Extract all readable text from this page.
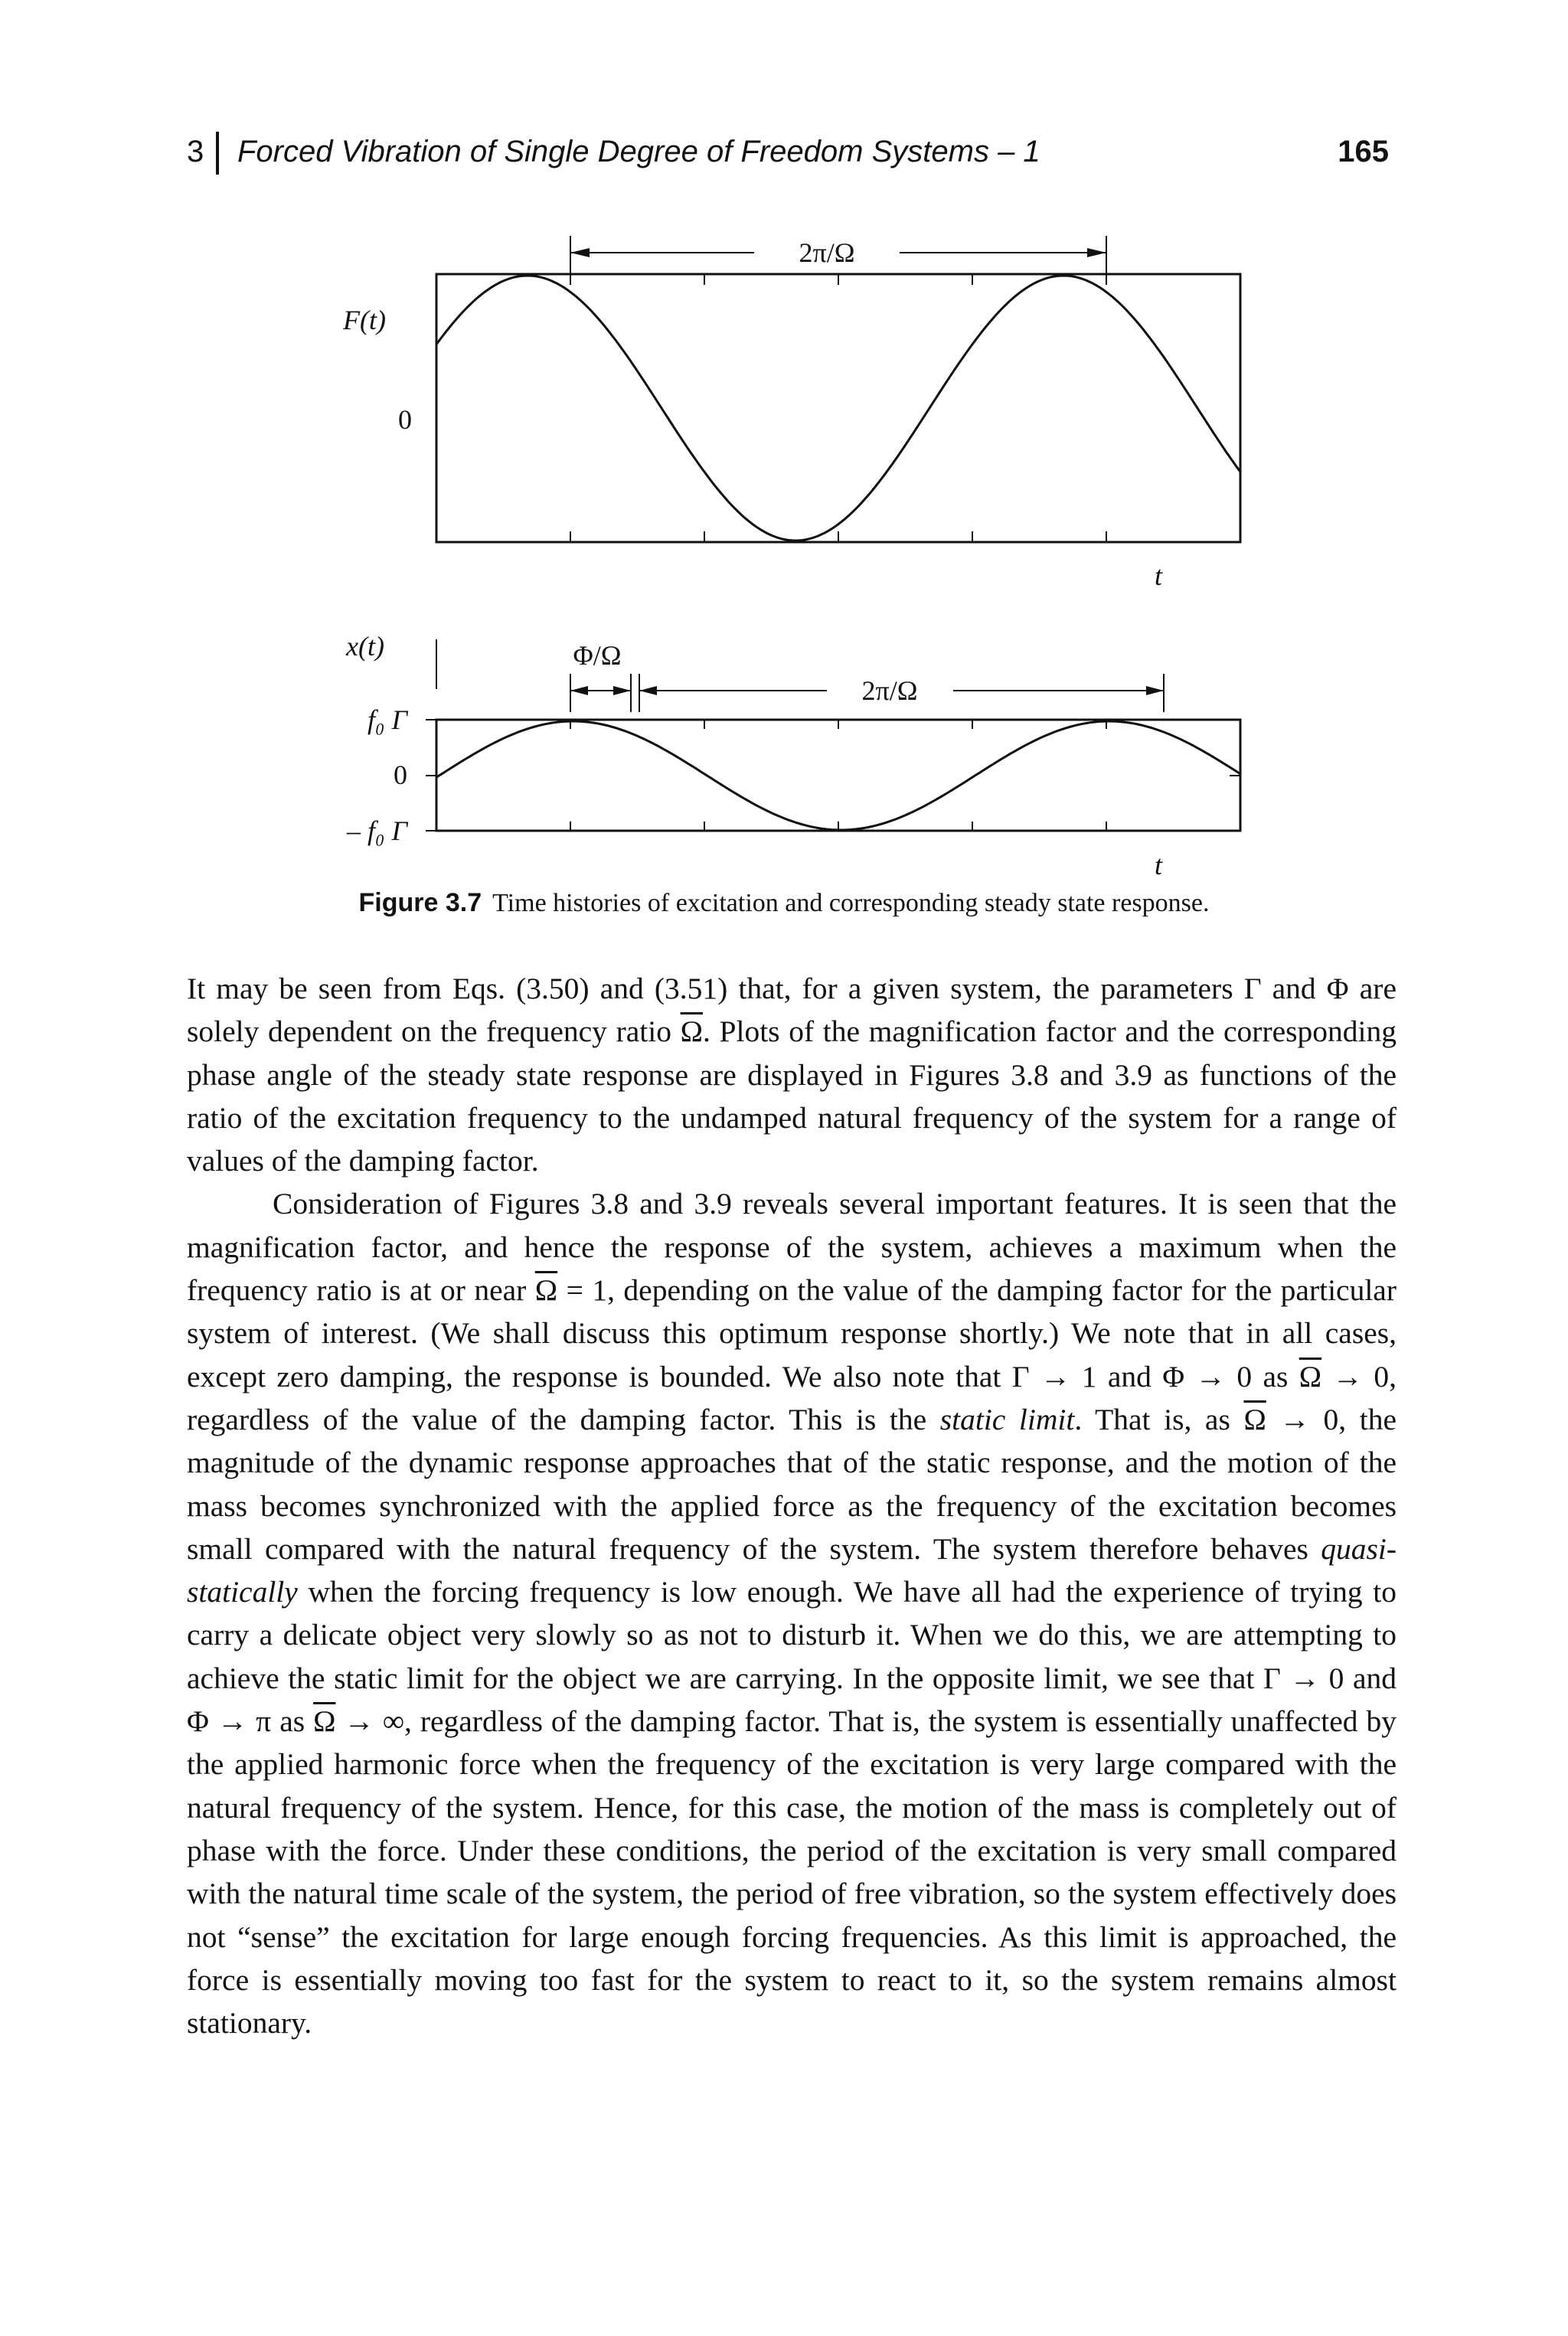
3 Forced Vibration of Single Degree of Freedom Systems – 1	165
F(t)
0
t
2π/Ω
x(t)
f₀ Γ
0
– f₀ Γ
t
Φ/Ω
2π/Ω
Figure 3.7 Time histories of excitation and corresponding steady state response.

It may be seen from Eqs. (3.50) and (3.51) that, for a given system, the parameters Γ and Φ are solely dependent on the frequency ratio $\overline{\Omega}$. Plots of the magnification factor and the corresponding phase angle of the steady state response are displayed in Figures 3.8 and 3.9 as functions of the ratio of the excitation frequency to the undamped natural frequency of the system for a range of values of the damping factor.

Consideration of Figures 3.8 and 3.9 reveals several important features. It is seen that the magnification factor, and hence the response of the system, achieves a maximum when the frequency ratio is at or near $\overline{\Omega} = 1$, depending on the value of the damping factor for the particular system of interest. (We shall discuss this optimum response shortly.) We note that in all cases, except zero damping, the response is bounded. We also note that Γ → 1 and Φ → 0 as $\overline{\Omega} \to 0$, regardless of the value of the damping factor. This is the static limit. That is, as $\overline{\Omega} \to 0$, the magnitude of the dynamic response approaches that of the static response, and the motion of the mass becomes synchronized with the applied force as the frequency of the excitation becomes small compared with the natural frequency of the system. The system therefore behaves quasi-statically when the forcing frequency is low enough. We have all had the experience of trying to carry a delicate object very slowly so as not to disturb it. When we do this, we are attempting to achieve the static limit for the object we are carrying. In the opposite limit, we see that Γ → 0 and Φ → π as $\overline{\Omega}$ → ∞, regardless of the damping factor. That is, the system is essentially unaffected by the applied harmonic force when the frequency of the excitation is very large compared with the natural frequency of the system. Hence, for this case, the motion of the mass is completely out of phase with the force. Under these conditions, the period of the excitation is very small compared with the natural time scale of the system, the period of free vibration, so the system effectively does not “sense” the excitation for large enough forcing frequencies. As this limit is approached, the force is essentially moving too fast for the system to react to it, so the system remains almost stationary.
